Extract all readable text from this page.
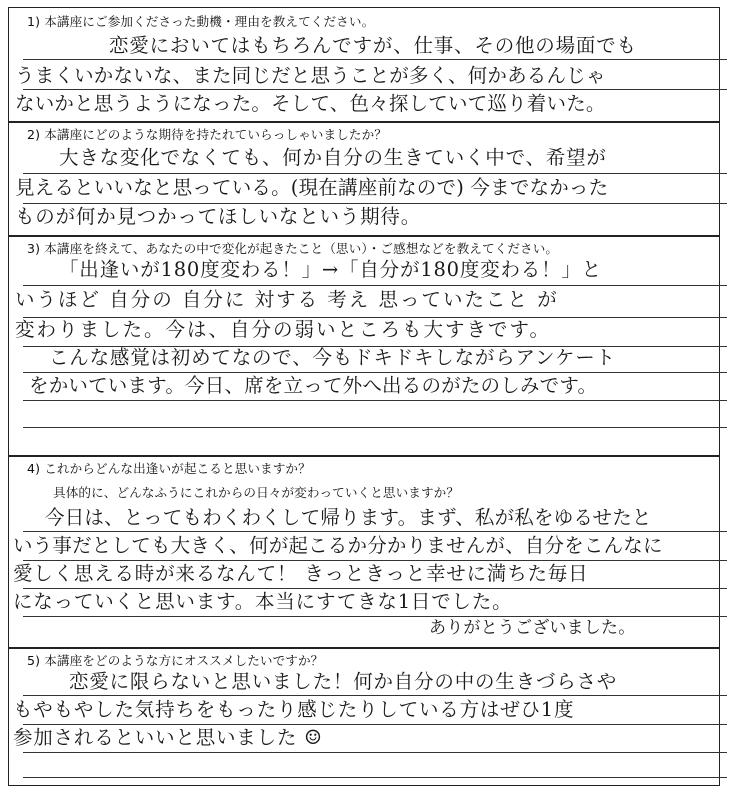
1) 本講座にご参加くださった動機・理由を教えてください。
恋愛においてはもちろんですが、仕事、その他の場面でも
うまくいかないな、また同じだと思うことが多く、何かあるんじゃ
ないかと思うようになった。そして、色々探していて巡り着いた。
2) 本講座にどのような期待を持たれていらっしゃいましたか？
大きな変化でなくても、何か自分の生きていく中で、希望が
見えるといいなと思っている。(現在講座前なので) 今までなかった
ものが何か見つかってほしいなという期待。
3) 本講座を終えて、あなたの中で変化が起きたこと（思い）・ご感想などを教えてください。
「出逢いが180度変わる！」→「自分が180度変わる！」と
いうほど 自分の 自分に 対する 考え 思っていたこと が
変わりました。今は、自分の弱いところも大すきです。
こんな感覚は初めてなので、今もドキドキしながらアンケート
をかいています。今日、席を立って外へ出るのがたのしみです。
4) これからどんな出逢いが起こると思いますか？
具体的に、どんなふうにこれからの日々が変わっていくと思いますか？
今日は、とってもわくわくして帰ります。まず、私が私をゆるせたと
いう事だとしても大きく、何が起こるか分かりませんが、自分をこんなに
愛しく思える時が来るなんて！ きっときっと幸せに満ちた毎日
になっていくと思います。本当にすてきな1日でした。
ありがとうございました。
5) 本講座をどのような方にオススメしたいですか？
恋愛に限らないと思いました！何か自分の中の生きづらさや
もやもやした気持ちをもったり感じたりしている方はぜひ1度
参加されるといいと思いました ☺
